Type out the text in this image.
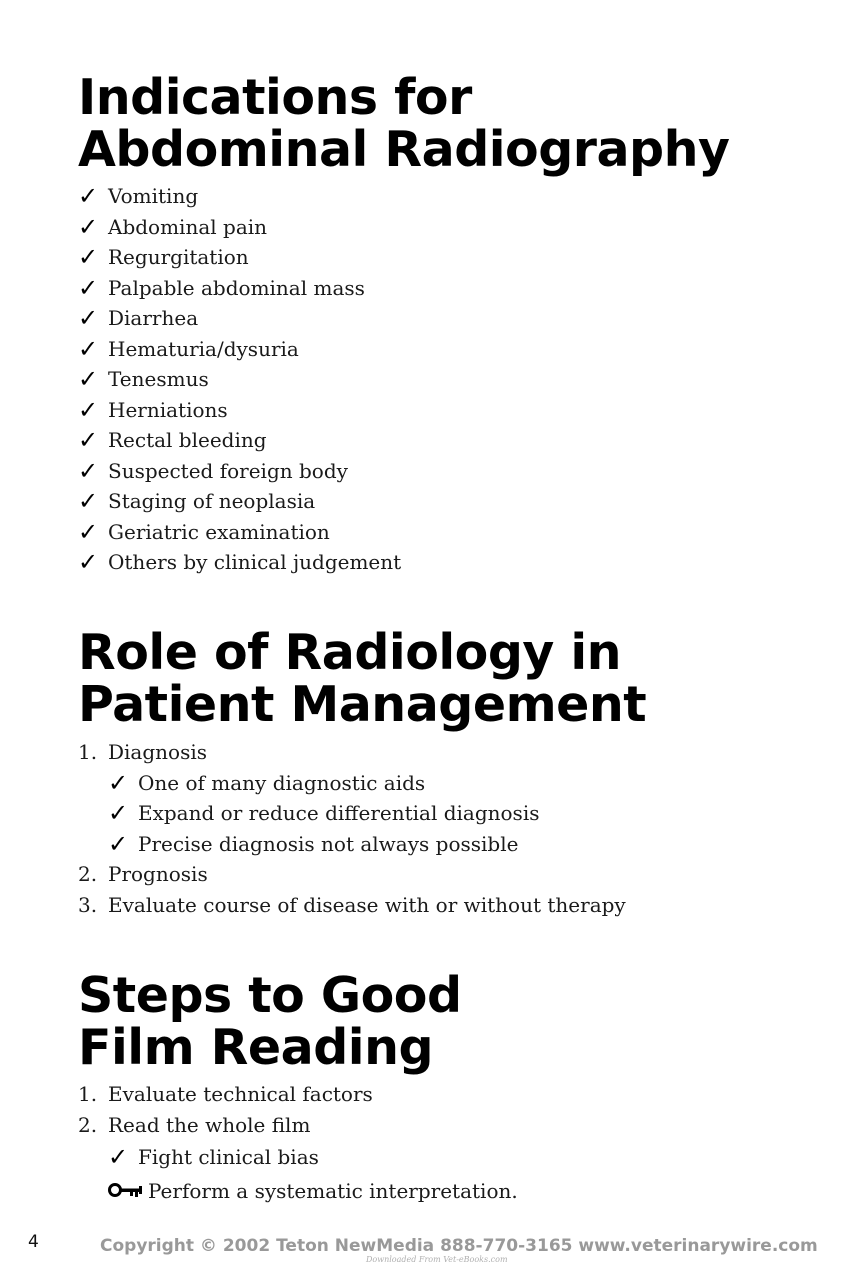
Indications for
Abdominal Radiography
✓ Vomiting
✓ Abdominal pain
✓ Regurgitation
✓ Palpable abdominal mass
✓ Diarrhea
✓ Hematuria/dysuria
✓ Tenesmus
✓ Herniations
✓ Rectal bleeding
✓ Suspected foreign body
✓ Staging of neoplasia
✓ Geriatric examination
✓ Others by clinical judgement
Role of Radiology in
Patient Management
1. Diagnosis
✓ One of many diagnostic aids
✓ Expand or reduce differential diagnosis
✓ Precise diagnosis not always possible
2. Prognosis
3. Evaluate course of disease with or without therapy
Steps to Good
Film Reading
1. Evaluate technical factors
2. Read the whole film
✓ Fight clinical bias
Perform a systematic interpretation.
4	Copyright © 2002 Teton NewMedia 888-770-3165 www.veterinarywire.com
Downloaded From Vet-eBooks.com
